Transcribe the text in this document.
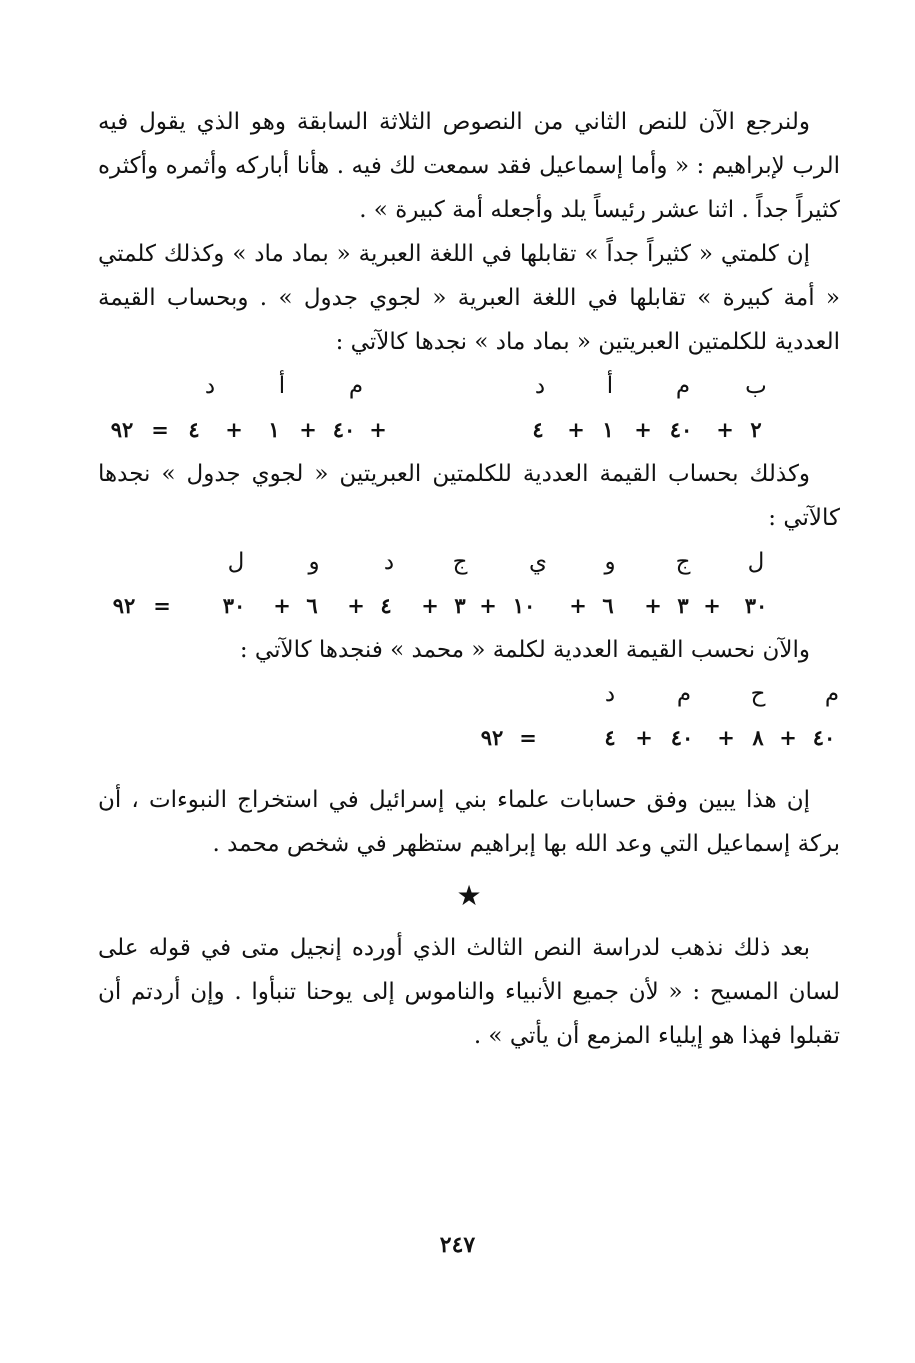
ولنرجع الآن للنص الثاني من النصوص الثلاثة السابقة وهو الذي يقول فيه الرب لإبراهيم : « وأما إسماعيل فقد سمعت لك فيه . هأنا أباركه وأثمره وأكثره كثيراً جداً . اثنا عشر رئيساً يلد وأجعله أمة كبيرة » .

إن كلمتي « كثيراً جداً » تقابلها في اللغة العبرية « بماد ماد » وكذلك كلمتي « أمة كبيرة » تقابلها في اللغة العبرية « لجوي جدول » . وبحساب القيمة العددية للكلمتين العبريتين « بماد ماد » نجدها كالآتي :

ب
م
أ
د
م
أ
د
٢
+
٤٠
+
١
+
٤
+
٤٠
+
١
+
٤
=
٩٢

وكذلك بحساب القيمة العددية للكلمتين العبريتين « لجوي جدول » نجدها كالآتي :

ل
ج
و
ي
ج
د
و
ل
٣٠
+
٣
+
٦
+
١٠
+
٣
+
٤
+
٦
+
٣٠
=
٩٢

والآن نحسب القيمة العددية لكلمة « محمد » فنجدها كالآتي :

م
ح
م
د
٤٠
+
٨
+
٤٠
+
٤
=
٩٢

إن هذا يبين وفق حسابات علماء بني إسرائيل في استخراج النبوءات ، أن بركة إسماعيل التي وعد الله بها إبراهيم ستظهر في شخص محمد .

★

بعد ذلك نذهب لدراسة النص الثالث الذي أورده إنجيل متى في قوله على لسان المسيح : « لأن جميع الأنبياء والناموس إلى يوحنا تنبأوا . وإن أردتم أن تقبلوا فهذا هو إيلياء المزمع أن يأتي » .

٢٤٧
